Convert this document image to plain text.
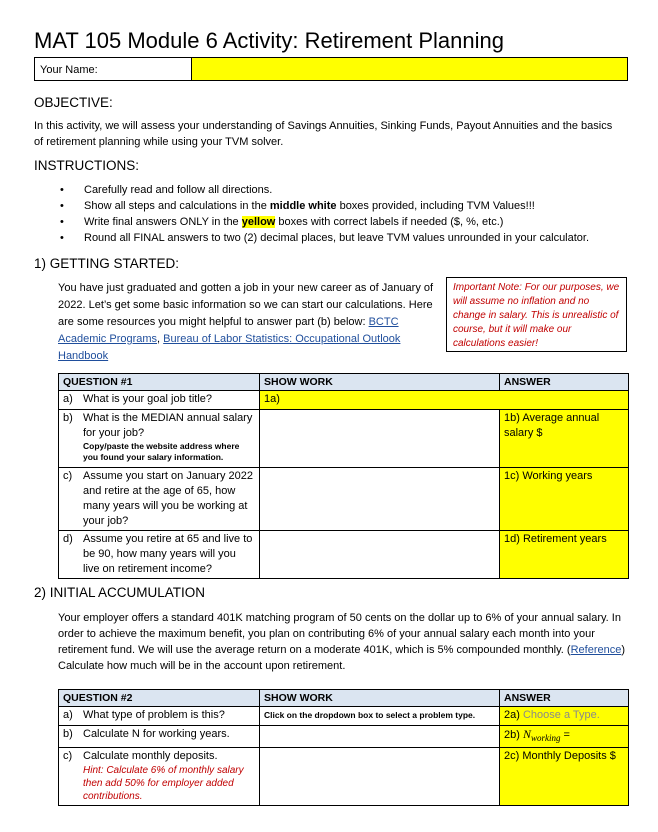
MAT 105 Module 6 Activity: Retirement Planning
Your Name:
OBJECTIVE:
In this activity, we will assess your understanding of Savings Annuities, Sinking Funds, Payout Annuities and the basics of retirement planning while using your TVM solver.
INSTRUCTIONS:
• Carefully read and follow all directions.
• Show all steps and calculations in the middle white boxes provided, including TVM Values!!!
• Write final answers ONLY in the yellow boxes with correct labels if needed ($, %, etc.)
• Round all FINAL answers to two (2) decimal places, but leave TVM values unrounded in your calculator.
1) GETTING STARTED:
You have just graduated and gotten a job in your new career as of January of 2022. Let’s get some basic information so we can start our calculations. Here are some resources you might helpful to answer part (b) below: BCTC Academic Programs, Bureau of Labor Statistics: Occupational Outlook Handbook
Important Note: For our purposes, we will assume no inflation and no change in salary. This is unrealistic of course, but it will make our calculations easier!
QUESTION #1	SHOW WORK	ANSWER

a) What is your goal job title?	1a)	

b) What is the MEDIAN annual salary for your job?
Copy/paste the website address where you found your salary information.		1b) Average annual salary $

c) Assume you start on January 2022 and retire at the age of 65, how many years will you be working at your job?		1c) Working years

d) Assume you retire at 65 and live to be 90, how many years will you live on retirement income?		1d) Retirement years
2) INITIAL ACCUMULATION
Your employer offers a standard 401K matching program of 50 cents on the dollar up to 6% of your annual salary. In order to achieve the maximum benefit, you plan on contributing 6% of your annual salary each month into your retirement fund. We will use the average return on a moderate 401K, which is 5% compounded monthly. (Reference) Calculate how much will be in the account upon retirement.
QUESTION #2	SHOW WORK	ANSWER

a) What type of problem is this?	Click on the dropdown box to select a problem type.	2a) Choose a Type.

b) Calculate N for working years.		2b) $N_{working}$ =

c) Calculate monthly deposits.
Hint: Calculate 6% of monthly salary then add 50% for employer added contributions.		2c) Monthly Deposits $
